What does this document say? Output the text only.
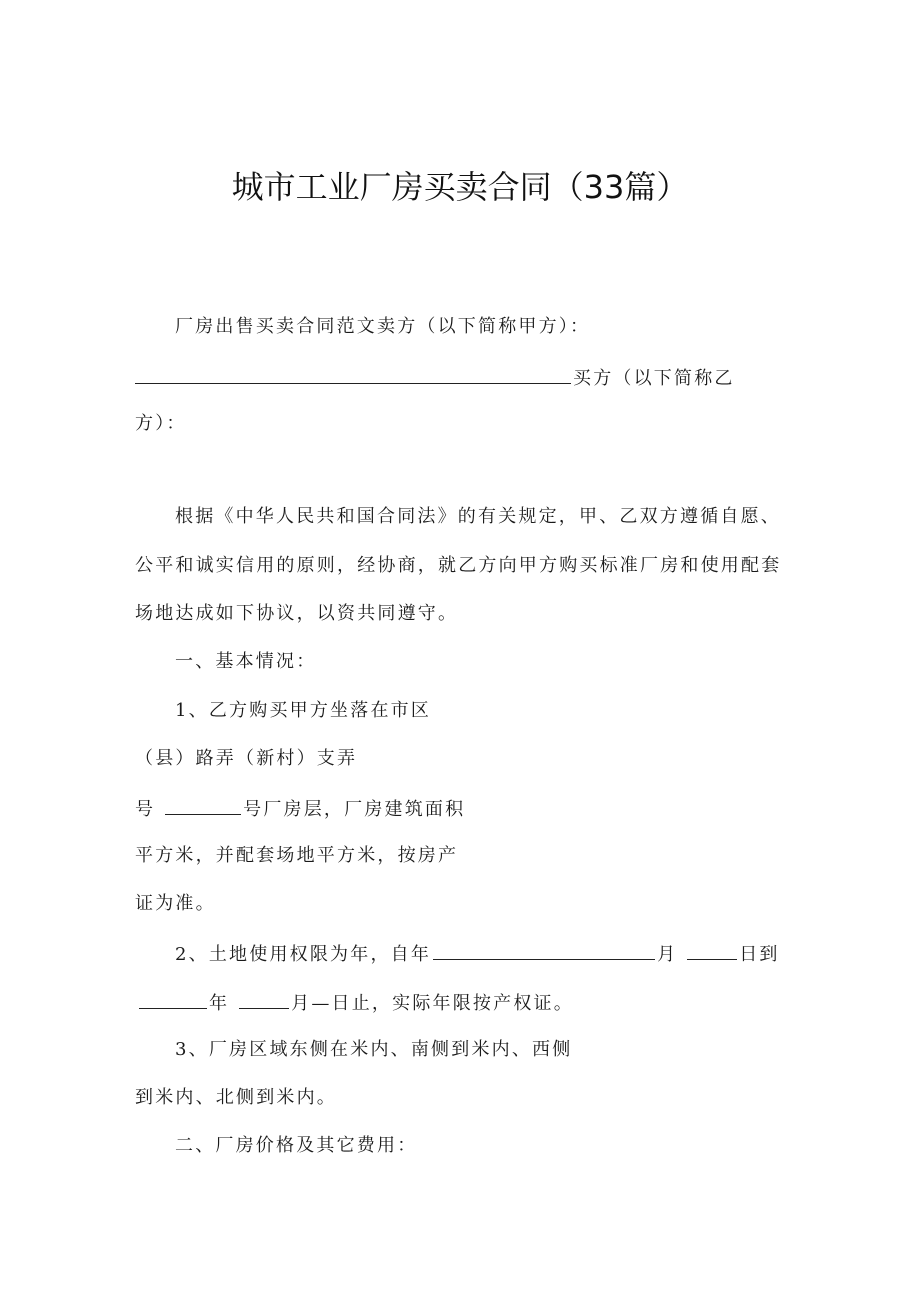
城市工业厂房买卖合同（33篇）
厂房出售买卖合同范文卖方（以下简称甲方）：
买方（以下简称乙
方）：
根据《中华人民共和国合同法》的有关规定，甲、乙双方遵循自愿、
公平和诚实信用的原则，经协商，就乙方向甲方购买标准厂房和使用配套
场地达成如下协议，以资共同遵守。
一、基本情况：
1、乙方购买甲方坐落在市区
（县）路弄（新村）支弄
号	号厂房层，厂房建筑面积
平方米，并配套场地平方米，按房产
证为准。
2、土地使用权限为年，自年	月	日到
年	月—日止，实际年限按产权证。
3、厂房区域东侧在米内、南侧到米内、西侧
到米内、北侧到米内。
二、厂房价格及其它费用：
